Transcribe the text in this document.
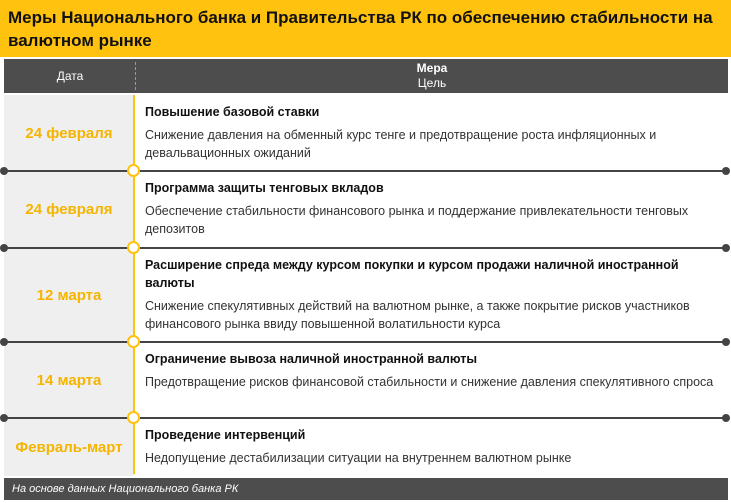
Меры Национального банка и Правительства РК по обеспечению стабильности на валютном рынке
Дата
Мера
Цель
24 февраля
Повышение базовой ставки
Снижение давления на обменный курс тенге и предотвращение роста инфляционных и девальвационных ожиданий
24 февраля
Программа защиты тенговых вкладов
Обеспечение стабильности финансового рынка и поддержание привлекательности тенговых депозитов
12 марта
Расширение спреда между курсом покупки и курсом продажи наличной иностранной валюты
Снижение спекулятивных действий на валютном рынке, а также покрытие рисков участников финансового рынка ввиду повышенной волатильности курса
14 марта
Ограничение вывоза наличной иностранной валюты
Предотвращение рисков финансовой стабильности и снижение давления спекулятивного спроса
Февраль-март
Проведение интервенций
Недопущение дестабилизации ситуации на внутреннем валютном рынке
На основе данных Национального банка РК
